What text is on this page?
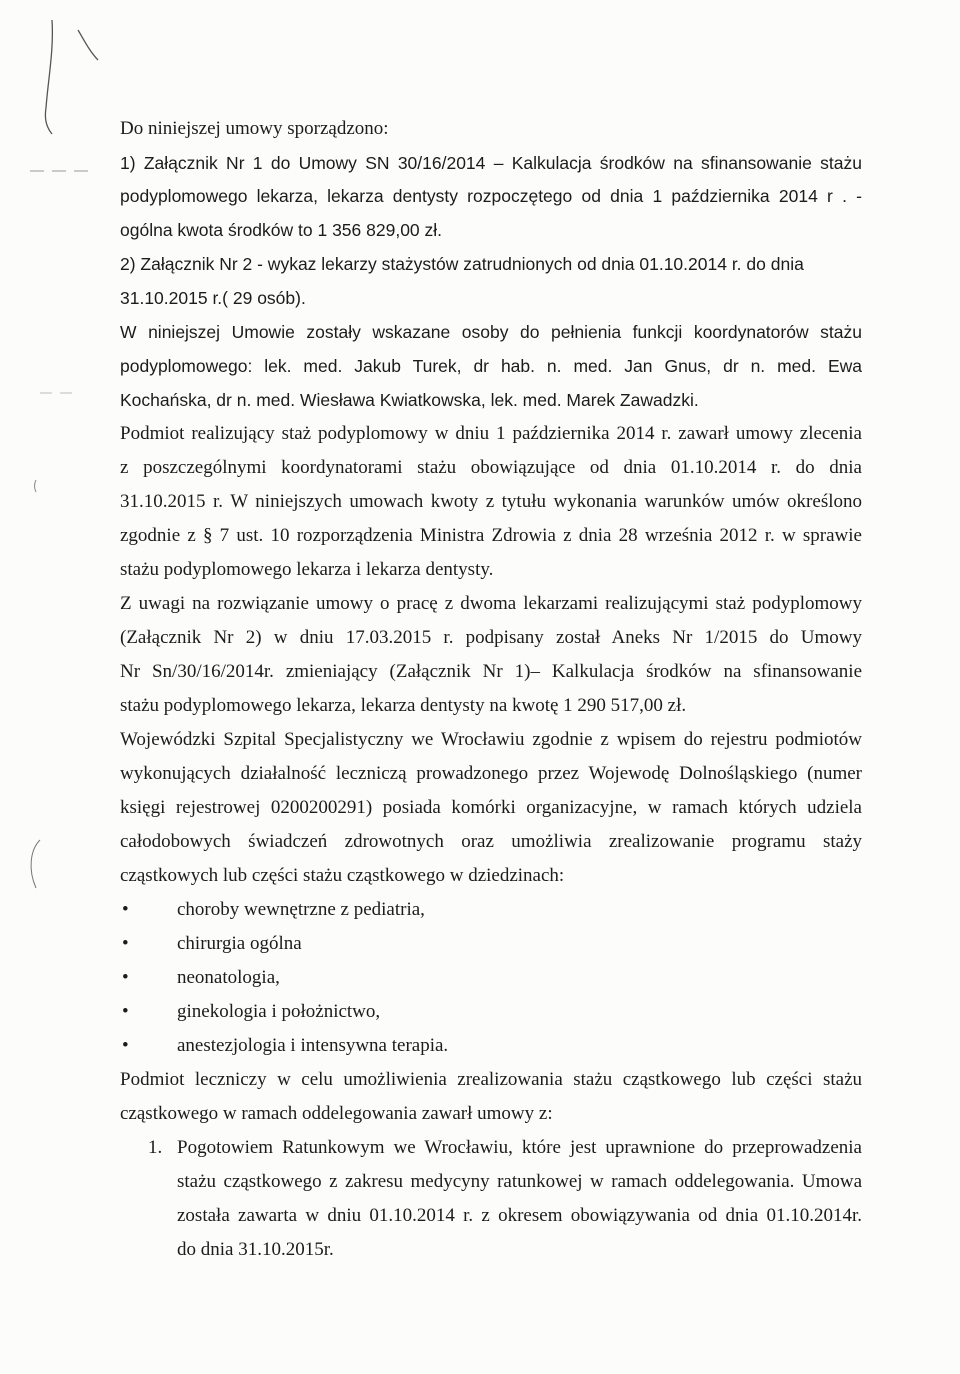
Do niniejszej umowy sporządzono:
1) Załącznik Nr 1 do Umowy SN 30/16/2014 – Kalkulacja środków na sfinansowanie stażu
podyplomowego lekarza, lekarza dentysty rozpoczętego od dnia 1 października 2014 r . -
ogólna kwota środków to 1 356 829,00 zł.
2) Załącznik Nr 2 - wykaz lekarzy stażystów zatrudnionych od dnia 01.10.2014 r. do dnia
31.10.2015 r.( 29 osób).
W niniejszej Umowie zostały wskazane osoby do pełnienia funkcji koordynatorów stażu
podyplomowego: lek. med. Jakub Turek, dr hab. n. med. Jan Gnus, dr n. med. Ewa
Kochańska, dr n. med. Wiesława Kwiatkowska, lek. med. Marek Zawadzki.
Podmiot realizujący staż podyplomowy w dniu 1 października 2014 r. zawarł umowy zlecenia
z poszczególnymi koordynatorami stażu obowiązujące od dnia 01.10.2014 r. do dnia
31.10.2015 r. W niniejszych umowach kwoty z tytułu wykonania warunków umów określono
zgodnie z § 7 ust. 10 rozporządzenia Ministra Zdrowia z dnia 28 września 2012 r. w sprawie
stażu podyplomowego lekarza i lekarza dentysty.
Z uwagi na rozwiązanie umowy o pracę z dwoma lekarzami realizującymi staż podyplomowy
(Załącznik Nr 2) w dniu 17.03.2015 r. podpisany został Aneks Nr 1/2015 do Umowy
Nr Sn/30/16/2014r. zmieniający (Załącznik Nr 1)– Kalkulacja środków na sfinansowanie
stażu podyplomowego lekarza, lekarza dentysty na kwotę 1 290 517,00 zł.
Wojewódzki Szpital Specjalistyczny we Wrocławiu zgodnie z wpisem do rejestru podmiotów
wykonujących działalność leczniczą prowadzonego przez Wojewodę Dolnośląskiego (numer
księgi rejestrowej 0200200291) posiada komórki organizacyjne, w ramach których udziela
całodobowych świadczeń zdrowotnych oraz umożliwia zrealizowanie programu staży
cząstkowych lub części stażu cząstkowego w dziedzinach:
•	choroby wewnętrzne z pediatria,
•	chirurgia ogólna
•	neonatologia,
•	ginekologia i położnictwo,
•	anestezjologia i intensywna terapia.
Podmiot leczniczy w celu umożliwienia zrealizowania stażu cząstkowego lub części stażu
cząstkowego w ramach oddelegowania zawarł umowy z:
1. Pogotowiem Ratunkowym we Wrocławiu, które jest uprawnione do przeprowadzenia
stażu cząstkowego z zakresu medycyny ratunkowej w ramach oddelegowania. Umowa
została zawarta w dniu 01.10.2014 r. z okresem obowiązywania od dnia 01.10.2014r.
do dnia 31.10.2015r.
